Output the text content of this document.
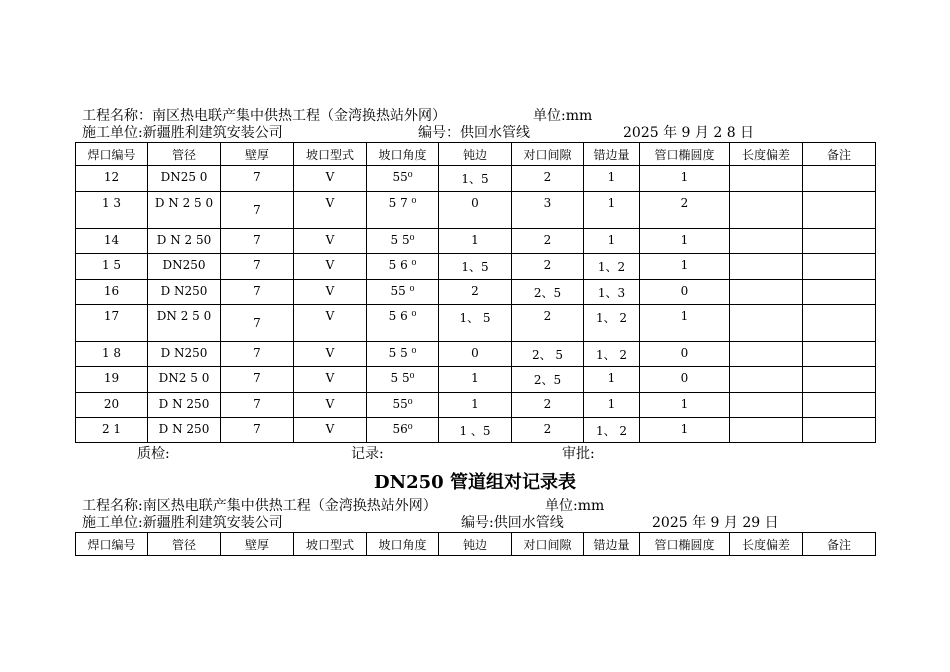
工程名称：南区热电联产集中供热工程（金湾换热站外网）	单位:mm
施工单位:新疆胜利建筑安装公司	编号：供回水管线	2025 年 9 月 2 8 日
焊口编号	管径	壁厚	坡口型式	坡口角度	钝边	对口间隙	错边量	管口椭圆度	长度偏差	备注
12	DN25 0	7	V	55⁰	1、5	2	1	1		
1 3	D N 2 5 0	7	V	5 7 ⁰	0	3	1	2		
14	D N 2 50	7	V	5 5⁰	1	2	1	1		
1 5	DN250	7	V	5 6 ⁰	1、5	2	1、2	1		
16	D N250	7	V	55 ⁰	2	2、5	1、3	0		
17	DN 2 5 0	7	V	5 6 ⁰	1、 5	2	1、 2	1		
1 8	D N250	7	V	5 5 ⁰	0	2、 5	1、 2	0		
19	DN2 5 0	7	V	5 5⁰	1	2、5	1	0		
20	D N 250	7	V	55⁰	1	2	1	1		
2 1	D N 250	7	V	56⁰	1 、5	2	1、 2	1		
质检:	记录:	审批:
DN250 管道组对记录表
工程名称:南区热电联产集中供热工程（金湾换热站外网）	单位:mm
施工单位:新疆胜利建筑安装公司	编号:供回水管线	2025 年 9 月 29 日
焊口编号	管径	壁厚	坡口型式	坡口角度	钝边	对口间隙	错边量	管口椭圆度	长度偏差	备注
